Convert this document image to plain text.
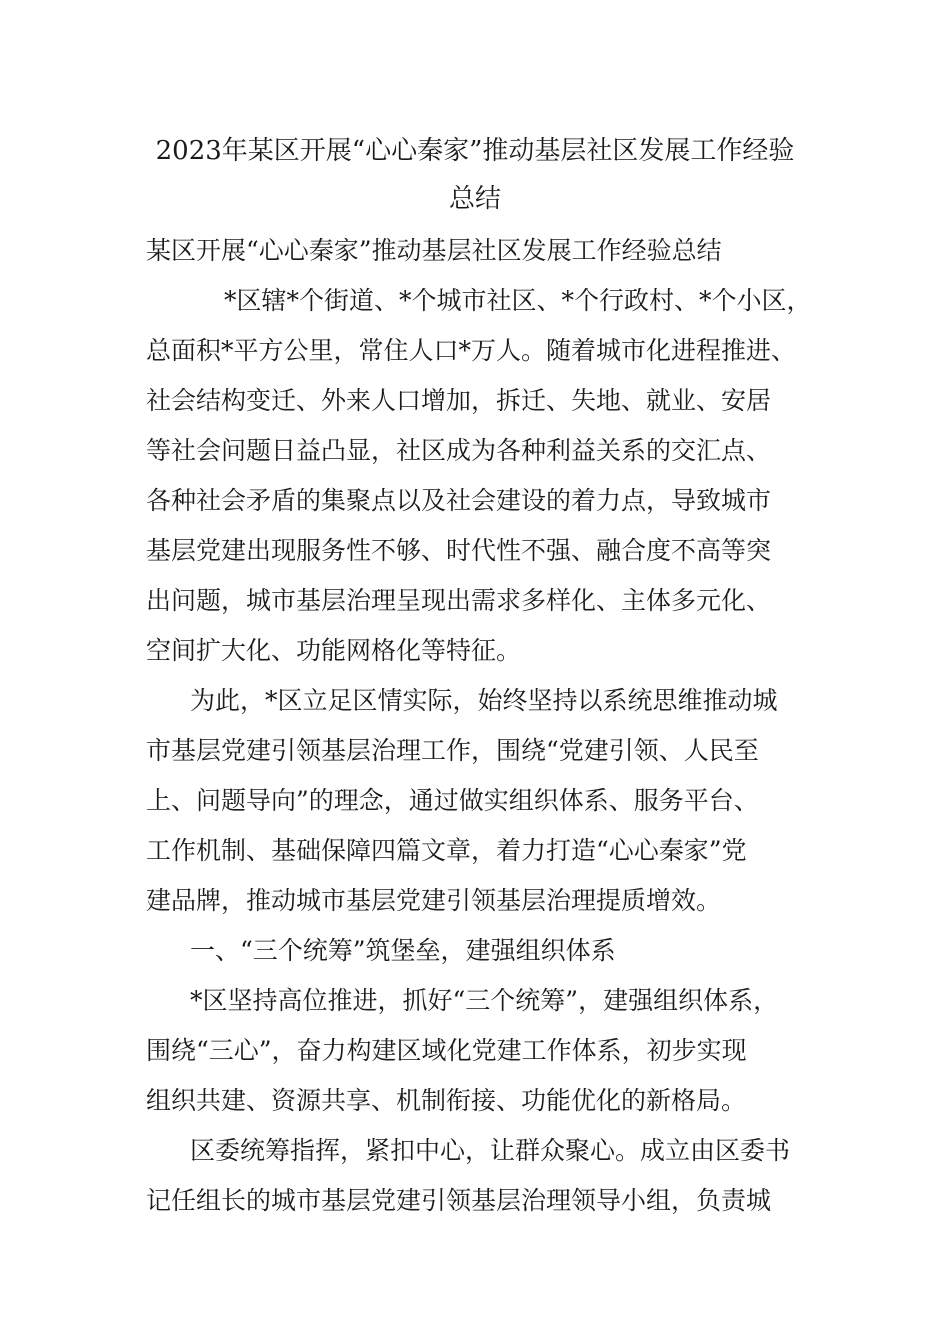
2023年某区开展“心心秦家”推动基层社区发展工作经验
总结

某区开展“心心秦家”推动基层社区发展工作经验总结

*区辖*个街道、*个城市社区、*个行政村、*个小区，
总面积*平方公里，常住人口*万人。随着城市化进程推进、
社会结构变迁、外来人口增加，拆迁、失地、就业、安居
等社会问题日益凸显，社区成为各种利益关系的交汇点、
各种社会矛盾的集聚点以及社会建设的着力点，导致城市
基层党建出现服务性不够、时代性不强、融合度不高等突
出问题，城市基层治理呈现出需求多样化、主体多元化、
空间扩大化、功能网格化等特征。
为此，*区立足区情实际，始终坚持以系统思维推动城
市基层党建引领基层治理工作，围绕“党建引领、人民至
上、问题导向”的理念，通过做实组织体系、服务平台、
工作机制、基础保障四篇文章，着力打造“心心秦家”党
建品牌，推动城市基层党建引领基层治理提质增效。
一、“三个统筹”筑堡垒，建强组织体系
*区坚持高位推进，抓好“三个统筹”，建强组织体系，
围绕“三心”，奋力构建区域化党建工作体系，初步实现
组织共建、资源共享、机制衔接、功能优化的新格局。
区委统筹指挥，紧扣中心，让群众聚心。成立由区委书
记任组长的城市基层党建引领基层治理领导小组，负责城
